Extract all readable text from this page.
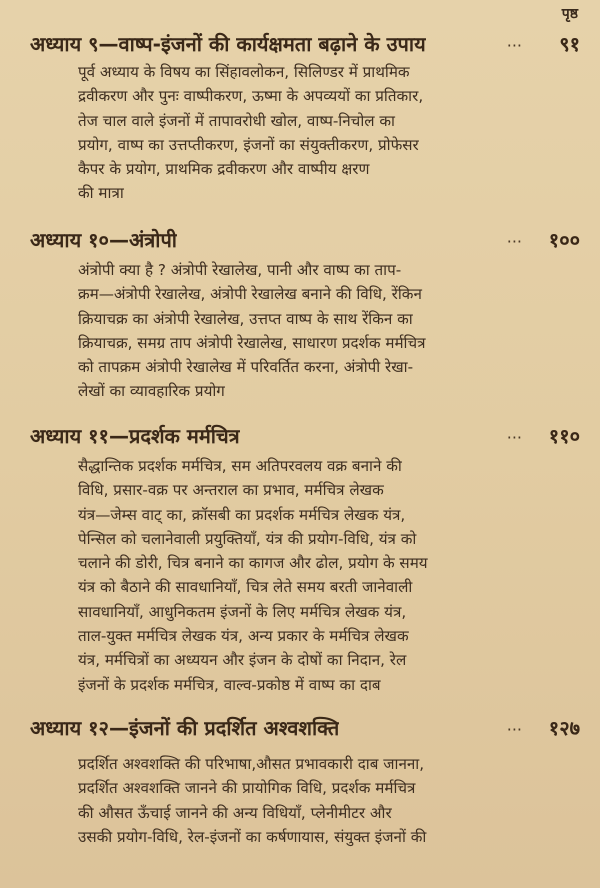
पृष्ठ
अध्याय ९—वाष्प-इंजनों की कार्यक्षमता बढ़ाने के उपाय	···	९१
पूर्व अध्याय के विषय का सिंहावलोकन, सिलिण्डर में प्राथमिक
द्रवीकरण और पुनः वाष्पीकरण, ऊष्मा के अपव्ययों का प्रतिकार,
तेज चाल वाले इंजनों में तापावरोधी खोल, वाष्प-निचोल का
प्रयोग, वाष्प का उत्तप्तीकरण, इंजनों का संयुक्तीकरण, प्रोफेसर
कैपर के प्रयोग, प्राथमिक द्रवीकरण और वाष्पीय क्षरण
की मात्रा
अध्याय १०—अंत्रोपी	···	१००
अंत्रोपी क्या है ? अंत्रोपी रेखालेख, पानी और वाष्प का ताप-
क्रम—अंत्रोपी रेखालेख, अंत्रोपी रेखालेख बनाने की विधि, रेंकिन
क्रियाचक्र का अंत्रोपी रेखालेख, उत्तप्त वाष्प के साथ रेंकिन का
क्रियाचक्र, समग्र ताप अंत्रोपी रेखालेख, साधारण प्रदर्शक मर्मचित्र
को तापक्रम अंत्रोपी रेखालेख में परिवर्तित करना, अंत्रोपी रेखा-
लेखों का व्यावहारिक प्रयोग
अध्याय ११—प्रदर्शक मर्मचित्र	···	११०
सैद्धान्तिक प्रदर्शक मर्मचित्र, सम अतिपरवलय वक्र बनाने की
विधि, प्रसार-वक्र पर अन्तराल का प्रभाव, मर्मचित्र लेखक
यंत्र—जेम्स वाट् का, क्रॉसबी का प्रदर्शक मर्मचित्र लेखक यंत्र,
पेन्सिल को चलानेवाली प्रयुक्तियाँ, यंत्र की प्रयोग-विधि, यंत्र को
चलाने की डोरी, चित्र बनाने का कागज और ढोल, प्रयोग के समय
यंत्र को बैठाने की सावधानियाँ, चित्र लेते समय बरती जानेवाली
सावधानियाँ, आधुनिकतम इंजनों के लिए मर्मचित्र लेखक यंत्र,
ताल-युक्त मर्मचित्र लेखक यंत्र, अन्य प्रकार के मर्मचित्र लेखक
यंत्र, मर्मचित्रों का अध्ययन और इंजन के दोषों का निदान, रेल
इंजनों के प्रदर्शक मर्मचित्र, वाल्व-प्रकोष्ठ में वाष्प का दाब
अध्याय १२—इंजनों की प्रदर्शित अश्वशक्ति	···	१२७
प्रदर्शित अश्वशक्ति की परिभाषा,औसत प्रभावकारी दाब जानना,
प्रदर्शित अश्वशक्ति जानने की प्रायोगिक विधि, प्रदर्शक मर्मचित्र
की औसत ऊँचाई जानने की अन्य विधियाँ, प्लेनीमीटर और
उसकी प्रयोग-विधि, रेल-इंजनों का कर्षणायास, संयुक्त इंजनों की
